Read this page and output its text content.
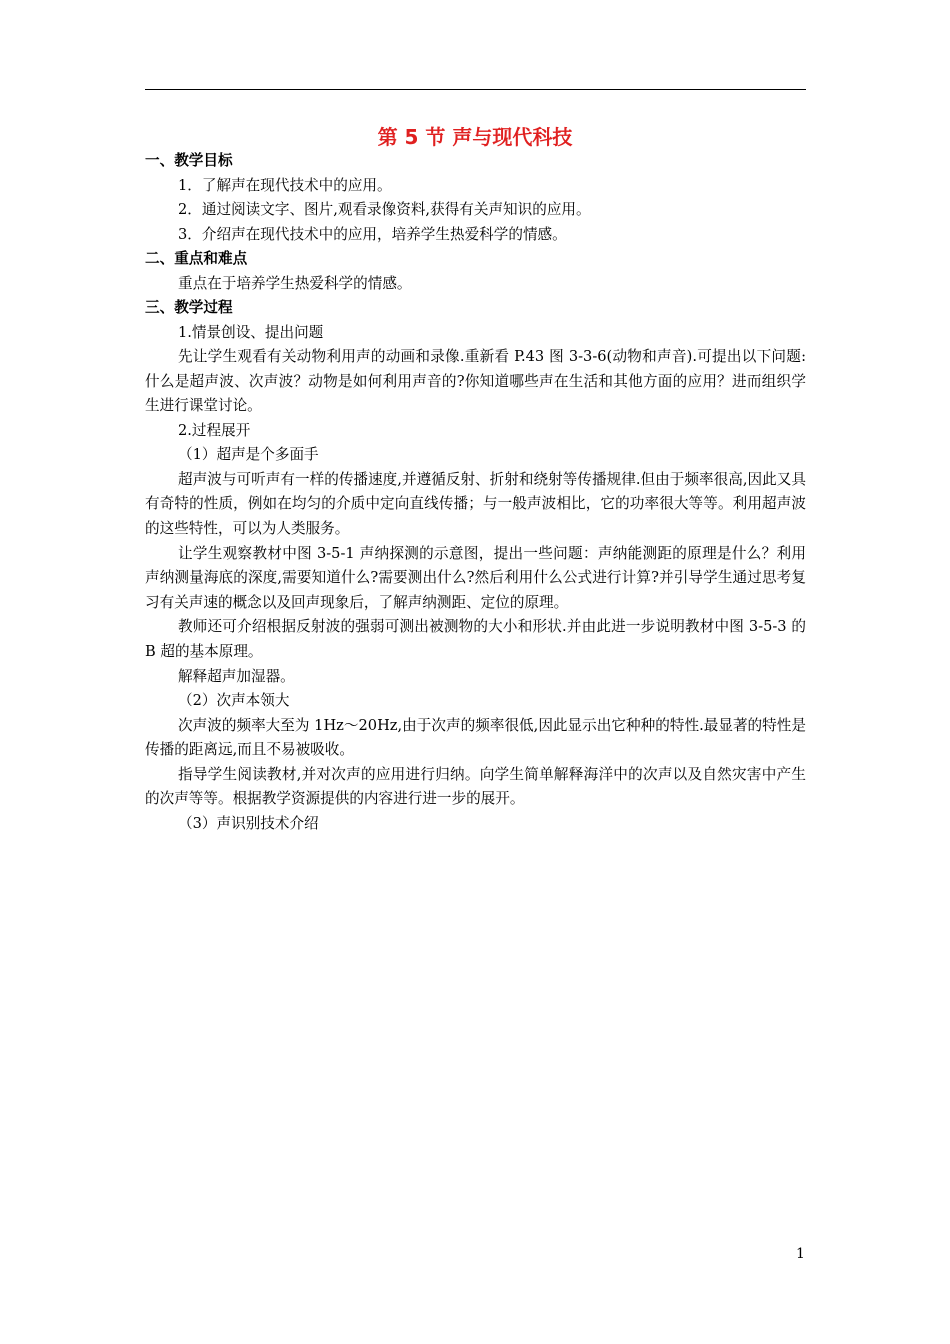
第 5 节 声与现代科技
一、教学目标
1．了解声在现代技术中的应用。
2．通过阅读文字、图片,观看录像资料,获得有关声知识的应用。
3．介绍声在现代技术中的应用，培养学生热爱科学的情感。
二、重点和难点
重点在于培养学生热爱科学的情感。
三、教学过程
1.情景创设、提出问题

先让学生观看有关动物利用声的动画和录像.重新看 P.43 图 3-3-6(动物和声音).可提出以下问题:什么是超声波、次声波？动物是如何利用声音的?你知道哪些声在生活和其他方面的应用？进而组织学生进行课堂讨论。

2.过程展开
（1）超声是个多面手

超声波与可听声有一样的传播速度,并遵循反射、折射和绕射等传播规律.但由于频率很高,因此又具有奇特的性质，例如在均匀的介质中定向直线传播；与一般声波相比，它的功率很大等等。利用超声波的这些特性，可以为人类服务。

让学生观察教材中图 3-5-1 声纳探测的示意图，提出一些问题：声纳能测距的原理是什么？利用声纳测量海底的深度,需要知道什么?需要测出什么?然后利用什么公式进行计算?并引导学生通过思考复习有关声速的概念以及回声现象后，了解声纳测距、定位的原理。

教师还可介绍根据反射波的强弱可测出被测物的大小和形状.并由此进一步说明教材中图 3-5-3 的 B 超的基本原理。

解释超声加湿器。

（2）次声本领大

次声波的频率大至为 1Hz～20Hz,由于次声的频率很低,因此显示出它种种的特性.最显著的特性是传播的距离远,而且不易被吸收。

指导学生阅读教材,并对次声的应用进行归纳。向学生简单解释海洋中的次声以及自然灾害中产生的次声等等。根据教学资源提供的内容进行进一步的展开。

（3）声识别技术介绍
1
